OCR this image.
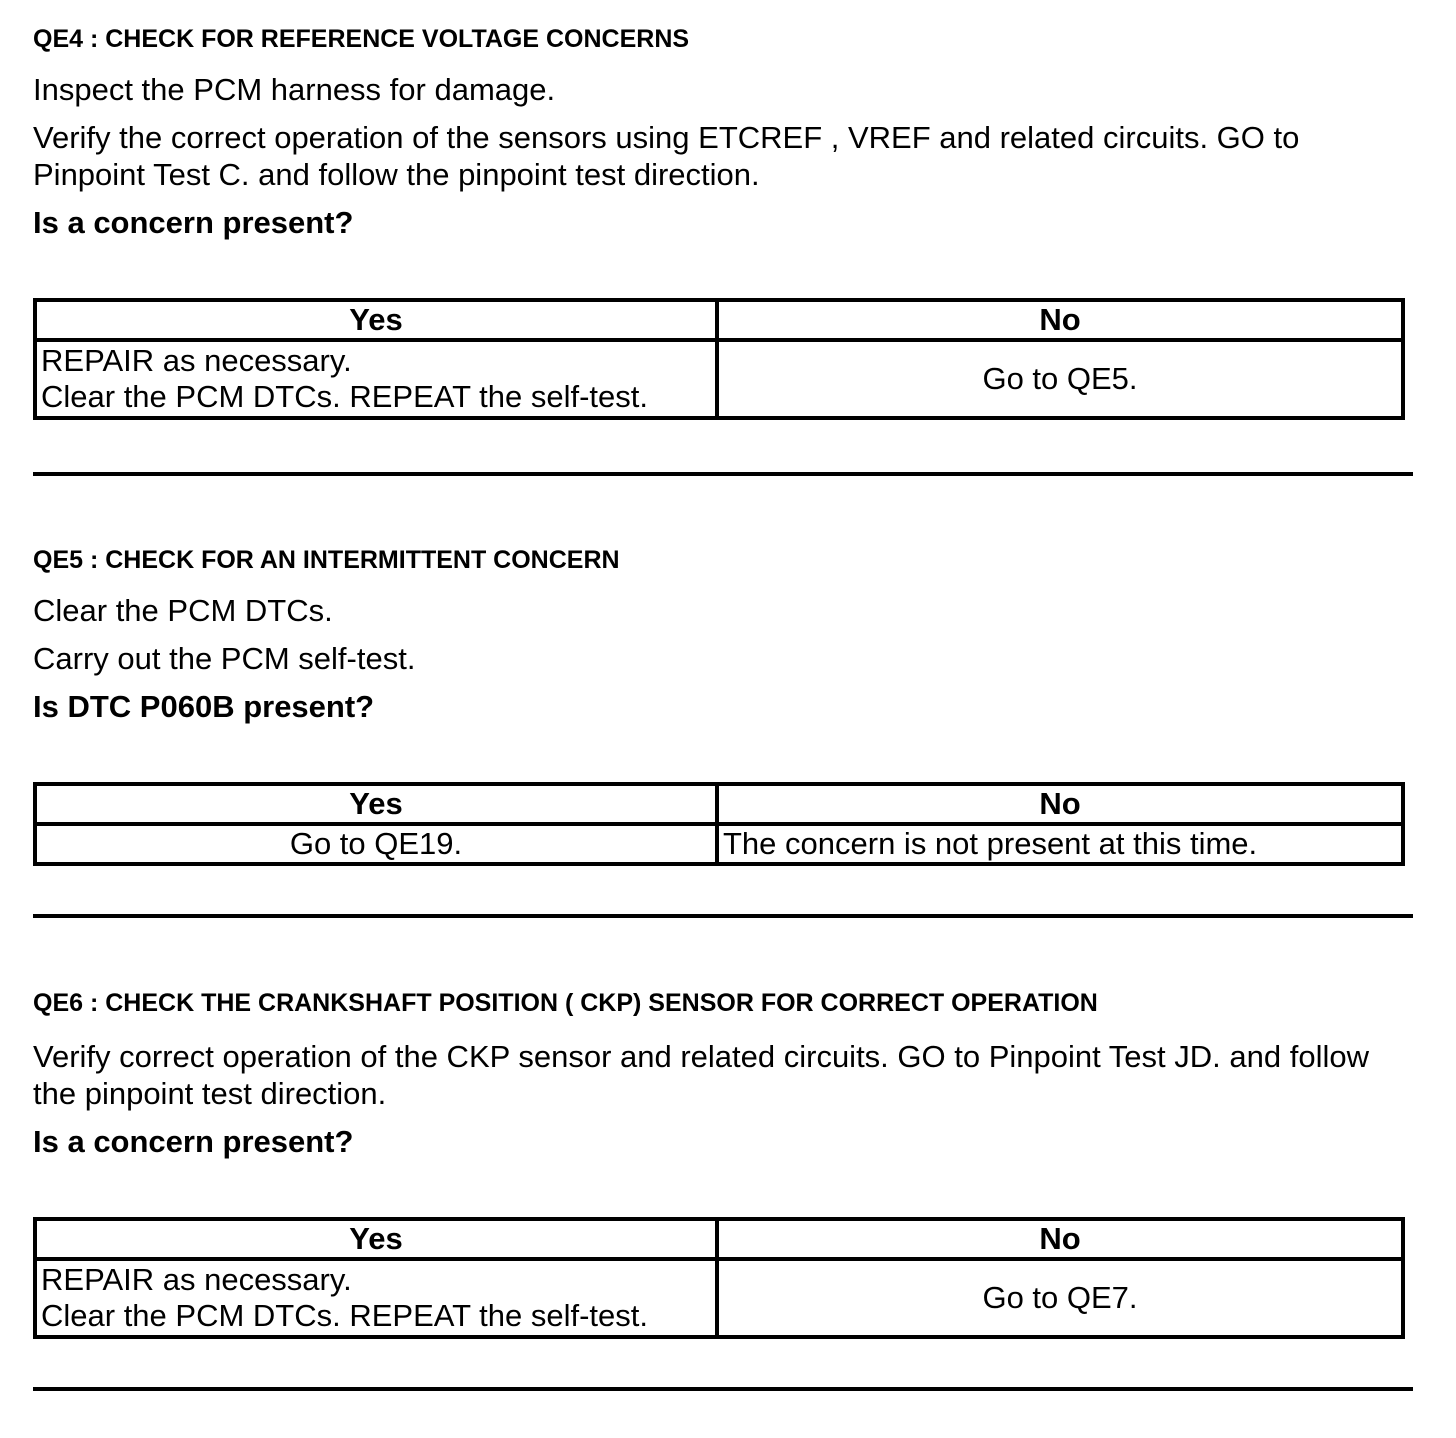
QE4 : CHECK FOR REFERENCE VOLTAGE CONCERNS

Inspect the PCM harness for damage.

Verify the correct operation of the sensors using ETCREF , VREF and related circuits. GO to Pinpoint Test C. and follow the pinpoint test direction.

Is a concern present?

Yes	No

REPAIR as necessary.
Clear the PCM DTCs. REPEAT the self-test.	Go to QE5.
QE5 : CHECK FOR AN INTERMITTENT CONCERN

Clear the PCM DTCs.

Carry out the PCM self-test.

Is DTC P060B present?

Yes	No
Go to QE19.	The concern is not present at this time.
QE6 : CHECK THE CRANKSHAFT POSITION ( CKP) SENSOR FOR CORRECT OPERATION

Verify correct operation of the CKP sensor and related circuits. GO to Pinpoint Test JD. and follow the pinpoint test direction.

Is a concern present?

Yes	No

REPAIR as necessary.
Clear the PCM DTCs. REPEAT the self-test.	Go to QE7.
